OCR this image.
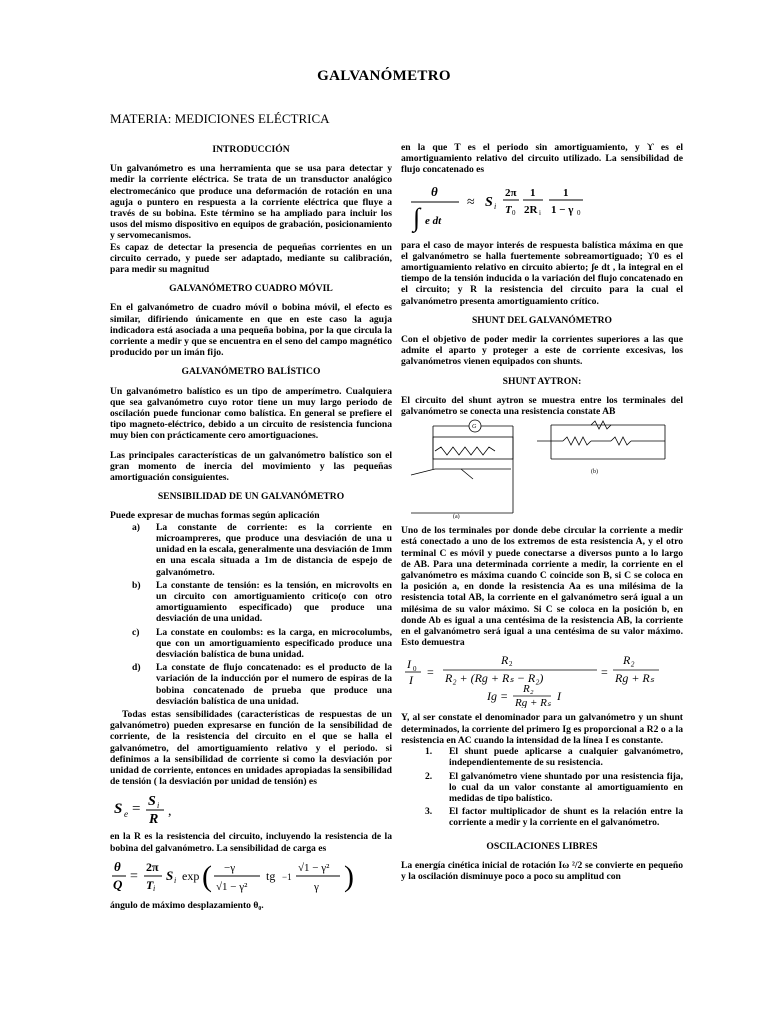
GALVANÓMETRO
MATERIA: MEDICIONES ELÉCTRICA
INTRODUCCIÓN

Un galvanómetro es una herramienta que se usa para detectar y medir la corriente eléctrica. Se trata de un transductor analógico electromecánico que produce una deformación de rotación en una aguja o puntero en respuesta a la corriente eléctrica que fluye a través de su bobina. Este término se ha ampliado para incluir los usos del mismo dispositivo en equipos de grabación, posicionamiento y servomecanismos.

Es capaz de detectar la presencia de pequeñas corrientes en un circuito cerrado, y puede ser adaptado, mediante su calibración, para medir su magnitud

GALVANÓMETRO CUADRO MÓVIL

En el galvanómetro de cuadro móvil o bobina móvil, el efecto es similar, difiriendo únicamente en que en este caso la aguja indicadora está asociada a una pequeña bobina, por la que circula la corriente a medir y que se encuentra en el seno del campo magnético producido por un imán fijo.

GALVANÓMETRO BALÍSTICO

Un galvanómetro balístico es un tipo de amperímetro. Cualquiera que sea galvanómetro cuyo rotor tiene un muy largo periodo de oscilación puede funcionar como balística. En general se prefiere el tipo magneto-eléctrico, debido a un circuito de resistencia funciona muy bien con prácticamente cero amortiguaciones.

Las principales características de un galvanómetro balístico son el gran momento de inercia del movimiento y las pequeñas amortiguación consiguientes.

SENSIBILIDAD DE UN GALVANÓMETRO

Puede expresar de muchas formas según aplicación

a)	La constante de corriente: es la corriente en microampreres, que produce una desviación de una u unidad en la escala, generalmente una desviación de 1mm en una escala situada a 1m de distancia de espejo de galvanómetro.
b)	La constante de tensión: es la tensión, en microvolts en un circuito con amortiguamiento critico(o con otro amortiguamiento especificado) que produce una desviación de una unidad.
c)	La constate en coulombs: es la carga, en microcolumbs, que con un amortiguamiento especificado produce una desviación balística de buna unidad.
d)	La constate de flujo concatenado: es el producto de la variación de la inducción por el numero de espiras de la bobina concatenado de prueba que produce una desviación balística de una unidad.

Todas estas sensibilidades (características de respuestas de un galvanómetro) pueden expresarse en función de la sensibilidad de corriente, de la resistencia del circuito en el que se halla el galvanómetro, del amortiguamiento relativo y el periodo. si definimos a la sensibilidad de corriente si como la desviación por unidad de corriente, entonces en unidades apropiadas la sensibilidad de tensión ( la desviación por unidad de tensión) es

S e = S i
R
,

en la R es la resistencia del circuito, incluyendo la resistencia de la bobina del galvanómetro. La sensibilidad de carga es

θ
Q
=
2π
T i
S i exp ( −γ
√1 − γ²
tg −1
√1 − γ²
γ )

ángulo de máximo desplazamiento θ₀.

en la que T es el periodo sin amortiguamiento, y ϒ es el amortiguamiento relativo del circuito utilizado. La sensibilidad de flujo concatenado es

θ
∫ e dt
≈ S i
2π
T 0
1
2R i
1
1 − γ 0

para el caso de mayor interés de respuesta balística máxima en que el galvanómetro se halla fuertemente sobreamortiguado; ϒ0 es el amortiguamiento relativo en circuito abierto; ʃe dt , la integral en el tiempo de la tensión inducida o la variación del flujo concatenado en el circuito; y R la resistencia del circuito para la cual el galvanómetro presenta amortiguamiento crítico.

SHUNT DEL GALVANÓMETRO

Con el objetivo de poder medir la corrientes superiores a las que admite el aparto y proteger a este de corriente excesivas, los galvanómetros vienen equipados con shunts.

SHUNT AYTRON:

El circuito del shunt aytron se muestra entre los terminales del galvanómetro se conecta una resistencia constate AB

G
(a)
(b)

Uno de los terminales por donde debe circular la corriente a medir está conectado a uno de los extremos de esta resistencia A, y el otro terminal C es móvil y puede conectarse a diversos punto a lo largo de AB. Para una determinada corriente a medir, la corriente en el galvanómetro es máxima cuando C coincide son B, si C se coloca en la posición a, en donde la resistencia Aa es una milésima de la resistencia total AB, la corriente en el galvanómetro será igual a un milésima de su valor máximo. Si C se coloca en la posición b, en donde Ab es igual a una centésima de la resistencia AB, la corriente en el galvanómetro será igual a una centésima de su valor máximo. Esto demuestra

I 0
I
=
R 2
R₂ + (Rg + Rₛ − R₂)	=
R₂
Rg + Rₛ
Ig = R₂
Rg + Rₛ I

Y, al ser constate el denominador para un galvanómetro y un shunt determinados, la corriente del primero Ig es proporcional a R2 o a la resistencia en AC cuando la intensidad de la línea I es constante.

1.	El shunt puede aplicarse a cualquier galvanómetro, independientemente de su resistencia.
2.	El galvanómetro viene shuntado por una resistencia fija, lo cual da un valor constante al amortiguamiento en medidas de tipo balístico.
3.	El factor multiplicador de shunt es la relación entre la corriente a medir y la corriente en el galvanómetro.
OSCILACIONES LIBRES

La energía cinética inicial de rotación Iω ²/2 se convierte en pequeño y la oscilación disminuye poco a poco su amplitud con
